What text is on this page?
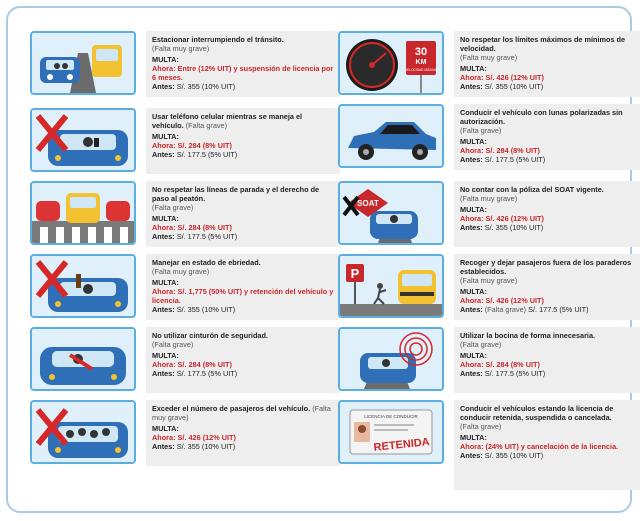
Estacionar interrumpiendo el tránsito.
(Falta muy grave)
MULTA:
Ahora: Entre (12% UIT) y suspensión de licencia por 6 meses.
Antes: S/. 355 (10% UIT)
Usar teléfono celular mientras se maneja el vehículo. (Falta grave)
MULTA:
Ahora: S/. 284 (8% UIT)
Antes: S/. 177.5 (5% UIT)
No respetar las líneas de parada y el derecho de paso al peatón.
(Falta grave)
MULTA:
Ahora: S/. 284 (8% UIT)
Antes: S/. 177.5 (5% UIT)
Manejar en estado de ebriedad.
(Falta muy grave)
MULTA:
Ahora: S/. 1,775 (50% UIT) y retención del vehículo y licencia.
Antes: S/. 355 (10% UIT)
No utilizar cinturón de seguridad.
(Falta grave)
MULTA:
Ahora: S/. 284 (8% UIT)
Antes: S/. 177.5 (5% UIT)
Exceder el número de pasajeros del vehículo. (Falta muy grave)
MULTA:
Ahora: S/. 426 (12% UIT)
Antes: S/. 355 (10% UIT)
30
KM
VELOCIDAD MÁXIMA
No respetar los límites máximos de mínimos de velocidad.
(Falta muy grave)
MULTA:
Ahora: S/. 426 (12% UIT)
Antes: S/. 355 (10% UIT)
Conducir el vehículo con lunas polarizadas sin autorización.
(Falta grave)
MULTA:
Ahora: S/. 284 (8% UIT)
Antes: S/. 177.5 (5% UIT)
SOAT
No contar con la póliza del SOAT vigente.
(Falta muy grave)
MULTA:
Ahora: S/. 426 (12% UIT)
Antes: S/. 355 (10% UIT)
P
Recoger y dejar pasajeros fuera de los paraderos establecidos.
(Falta muy grave)
MULTA:
Ahora: S/. 426 (12% UIT)
Antes: (Falta grave) S/. 177.5 (5% UIT)
Utilizar la bocina de forma innecesaria.
(Falta grave)
MULTA:
Ahora: S/. 284 (8% UIT)
Antes: S/. 177.5 (5% UIT)
LICENCIA DE CONDUCIR
RETENIDA
Conducir el vehículos estando la licencia de conducir retenida, suspendida o cancelada.
(Falta grave)
MULTA:
Ahora: (24% UIT) y cancelación de la licencia.
Antes: S/. 355 (10% UIT)
